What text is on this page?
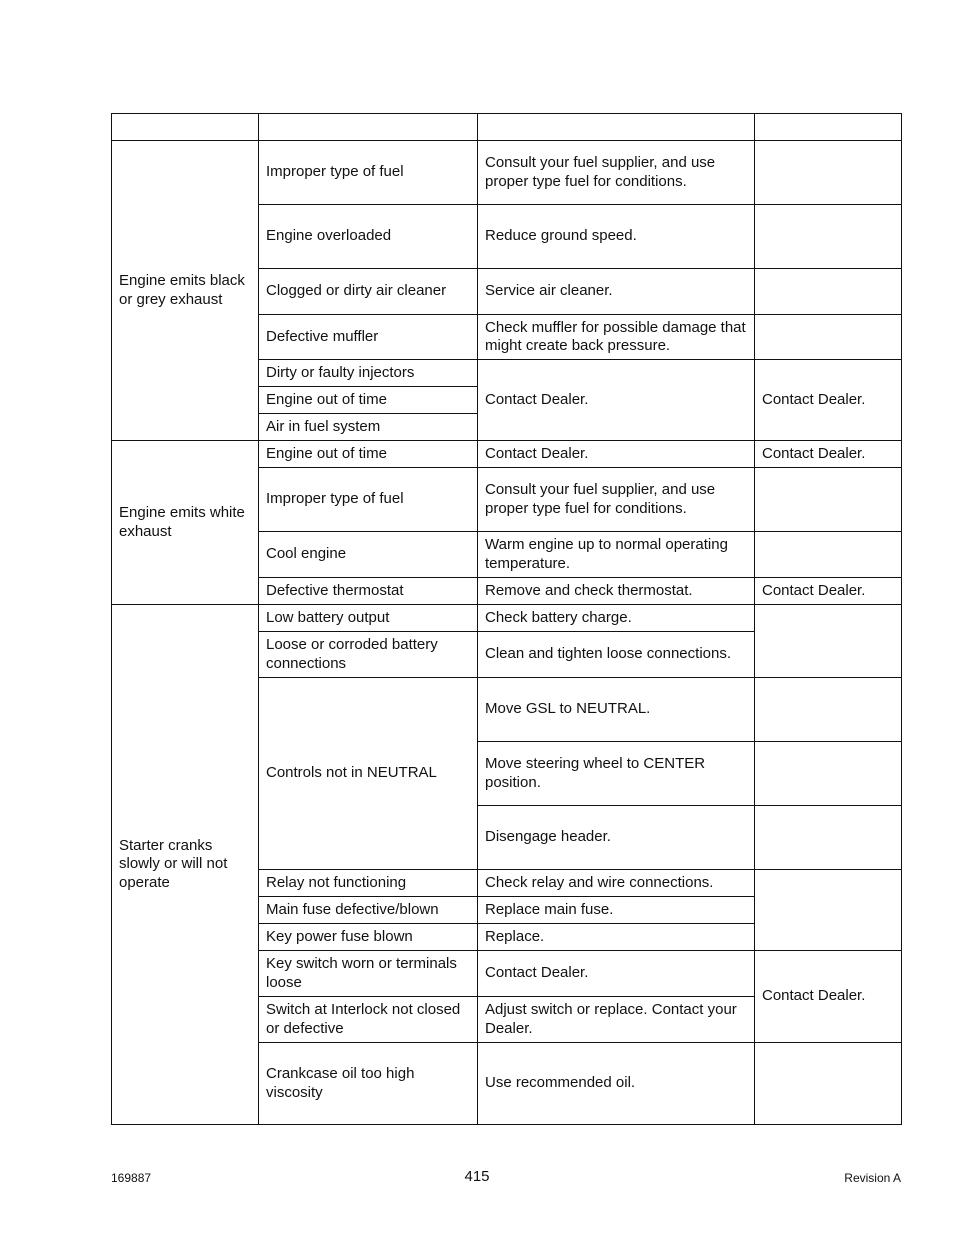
Engine emits black or grey exhaust	Improper type of fuel	Consult your fuel supplier, and use proper type fuel for conditions.	
	Engine overloaded	Reduce ground speed.	
	Clogged or dirty air cleaner	Service air cleaner.	
	Defective muffler	Check muffler for possible damage that might create back pressure.	
	Dirty or faulty injectors	Contact Dealer.	Contact Dealer.
	Engine out of time		
	Air in fuel system		
Engine emits white exhaust	Engine out of time	Contact Dealer.	Contact Dealer.
	Improper type of fuel	Consult your fuel supplier, and use proper type fuel for conditions.	
	Cool engine	Warm engine up to normal operating temperature.	
	Defective thermostat	Remove and check thermostat.	Contact Dealer.
Starter cranks slowly or will not operate	Low battery output	Check battery charge.	
	Loose or corroded battery connections	Clean and tighten loose connections.	
	Controls not in NEUTRAL	Move GSL to NEUTRAL.	
		Move steering wheel to CENTER position.	
		Disengage header.	
	Relay not functioning	Check relay and wire connections.	
	Main fuse defective/blown	Replace main fuse.	
	Key power fuse blown	Replace.	
	Key switch worn or terminals loose	Contact Dealer.	Contact Dealer.
	Switch at Interlock not closed or defective	Adjust switch or replace. Contact your Dealer.	
	Crankcase oil too high viscosity	Use recommended oil.	
169887	415	Revision A
